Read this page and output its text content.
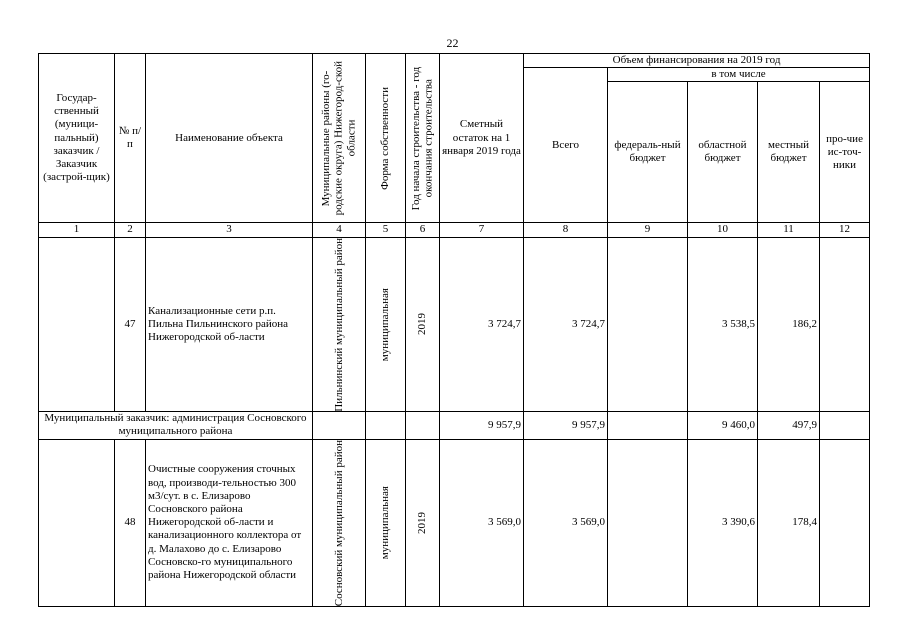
22
Государ-ственный (муници-пальный) заказчик / Заказчик (застрой-щик)	№ п/п	Наименование объекта	Муниципальные районы (го-родские округа) Нижегород-ской области	Форма собственности	Год начала строительства - год окончания строительства	Сметный остаток на 1 января 2019 года	Объем финансирования на 2019 год				
							Всего	в том числе			
								федераль-ный бюджет	областной бюджет	местный бюджет	про-чие ис-точ-ники
1	2	3	4	5	6	7	8	9	10	11	12
	47	Канализационные сети р.п. Пильна Пильнинского района Нижегородской об-ласти	Пильнинский муниципальный район	муниципальная	2019	3 724,7	3 724,7		3 538,5	186,2	
Муниципальный заказчик: администрация Сосновского муниципального района						9 957,9	9 957,9		9 460,0	497,9	
	48	Очистные сооружения сточных вод, производи-тельностью 300 м3/сут. в с. Елизарово Сосновского района Нижегородской об-ласти и канализационного коллектора от д. Малахово до с. Елизарово Сосновско-го муниципального района Нижегородской области	Сосновский муниципальный район	муниципальная	2019	3 569,0	3 569,0		3 390,6	178,4	
